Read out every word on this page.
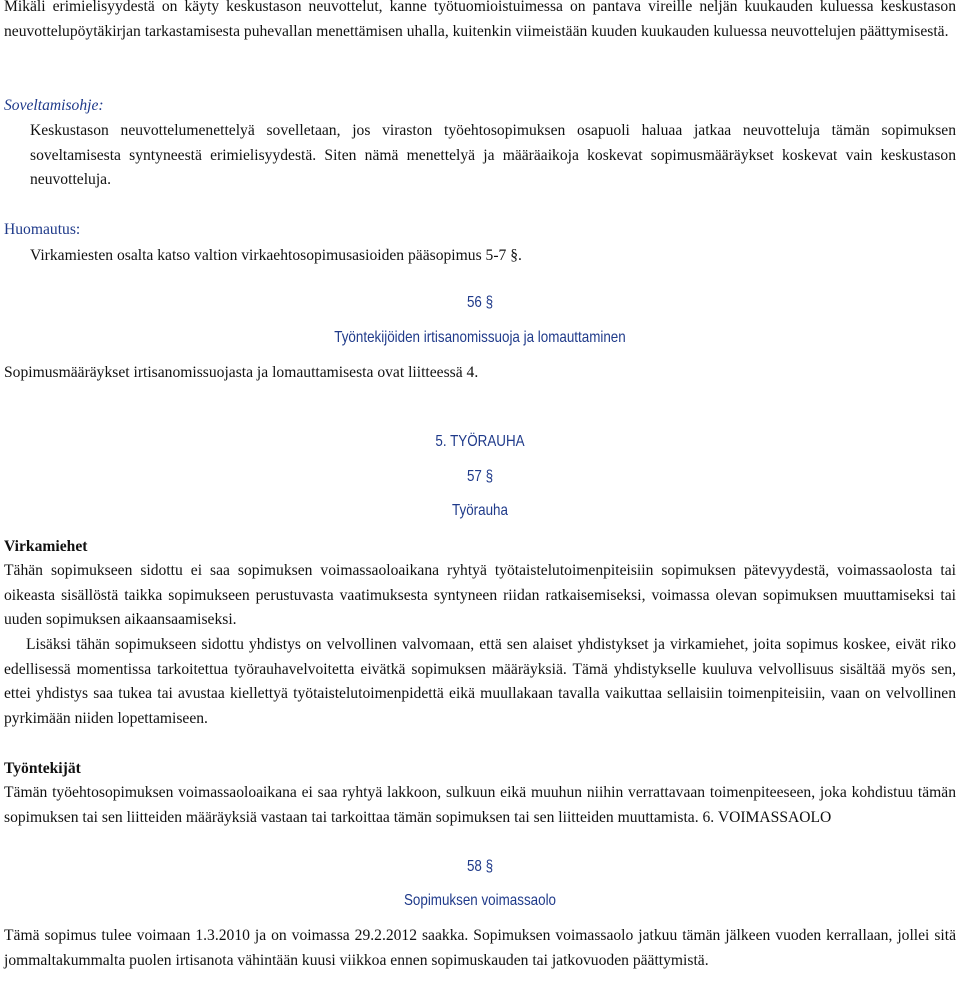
Mikäli erimielisyydestä on käyty keskustason neuvottelut, kanne työtuomioistuimessa on pantava vireille neljän kuukauden kuluessa keskustason neuvottelupöytäkirjan tarkastamisesta puhevallan menettämisen uhalla, kuitenkin viimeistään kuuden kuukauden kuluessa neuvottelujen päättymisestä.

Soveltamisohje:

Keskustason neuvottelumenettelyä sovelletaan, jos viraston työehtosopimuksen osapuoli haluaa jatkaa neuvotteluja tämän sopimuksen soveltamisesta syntyneestä erimielisyydestä. Siten nämä menettelyä ja määräaikoja koskevat sopimusmääräykset koskevat vain keskustason neuvotteluja.

Huomautus:

Virkamiesten osalta katso valtion virkaehtosopimusasioiden pääsopimus 5-7 §.

56 §

Työntekijöiden irtisanomissuoja ja lomauttaminen

Sopimusmääräykset irtisanomissuojasta ja lomauttamisesta ovat liitteessä 4.

5. TYÖRAUHA

57 §

Työrauha

Virkamiehet

Tähän sopimukseen sidottu ei saa sopimuksen voimassaoloaikana ryhtyä työtaistelutoimenpiteisiin sopimuksen pätevyydestä, voimassaolosta tai oikeasta sisällöstä taikka sopimukseen perustuvasta vaatimuksesta syntyneen riidan ratkaisemiseksi, voimassa olevan sopimuksen muuttamiseksi tai uuden sopimuksen aikaansaamiseksi.

Lisäksi tähän sopimukseen sidottu yhdistys on velvollinen valvomaan, että sen alaiset yhdistykset ja virkamiehet, joita sopimus koskee, eivät riko edellisessä momentissa tarkoitettua työrauhavelvoitetta eivätkä sopimuksen määräyksiä. Tämä yhdistykselle kuuluva velvollisuus sisältää myös sen, ettei yhdistys saa tukea tai avustaa kiellettyä työtaistelutoimenpidettä eikä muullakaan tavalla vaikuttaa sellaisiin toimenpiteisiin, vaan on velvollinen pyrkimään niiden lopettamiseen.

Työntekijät

Tämän työehtosopimuksen voimassaoloaikana ei saa ryhtyä lakkoon, sulkuun eikä muuhun niihin verrattavaan toimenpiteeseen, joka kohdistuu tämän sopimuksen tai sen liitteiden määräyksiä vastaan tai tarkoittaa tämän sopimuksen tai sen liitteiden muuttamista. 6. VOIMASSAOLO

58 §

Sopimuksen voimassaolo

Tämä sopimus tulee voimaan 1.3.2010 ja on voimassa 29.2.2012 saakka. Sopimuksen voimassaolo jatkuu tämän jälkeen vuoden kerrallaan, jollei sitä jommaltakummalta puolen irtisanota vähintään kuusi viikkoa ennen sopimuskauden tai jatkovuoden päättymistä.
